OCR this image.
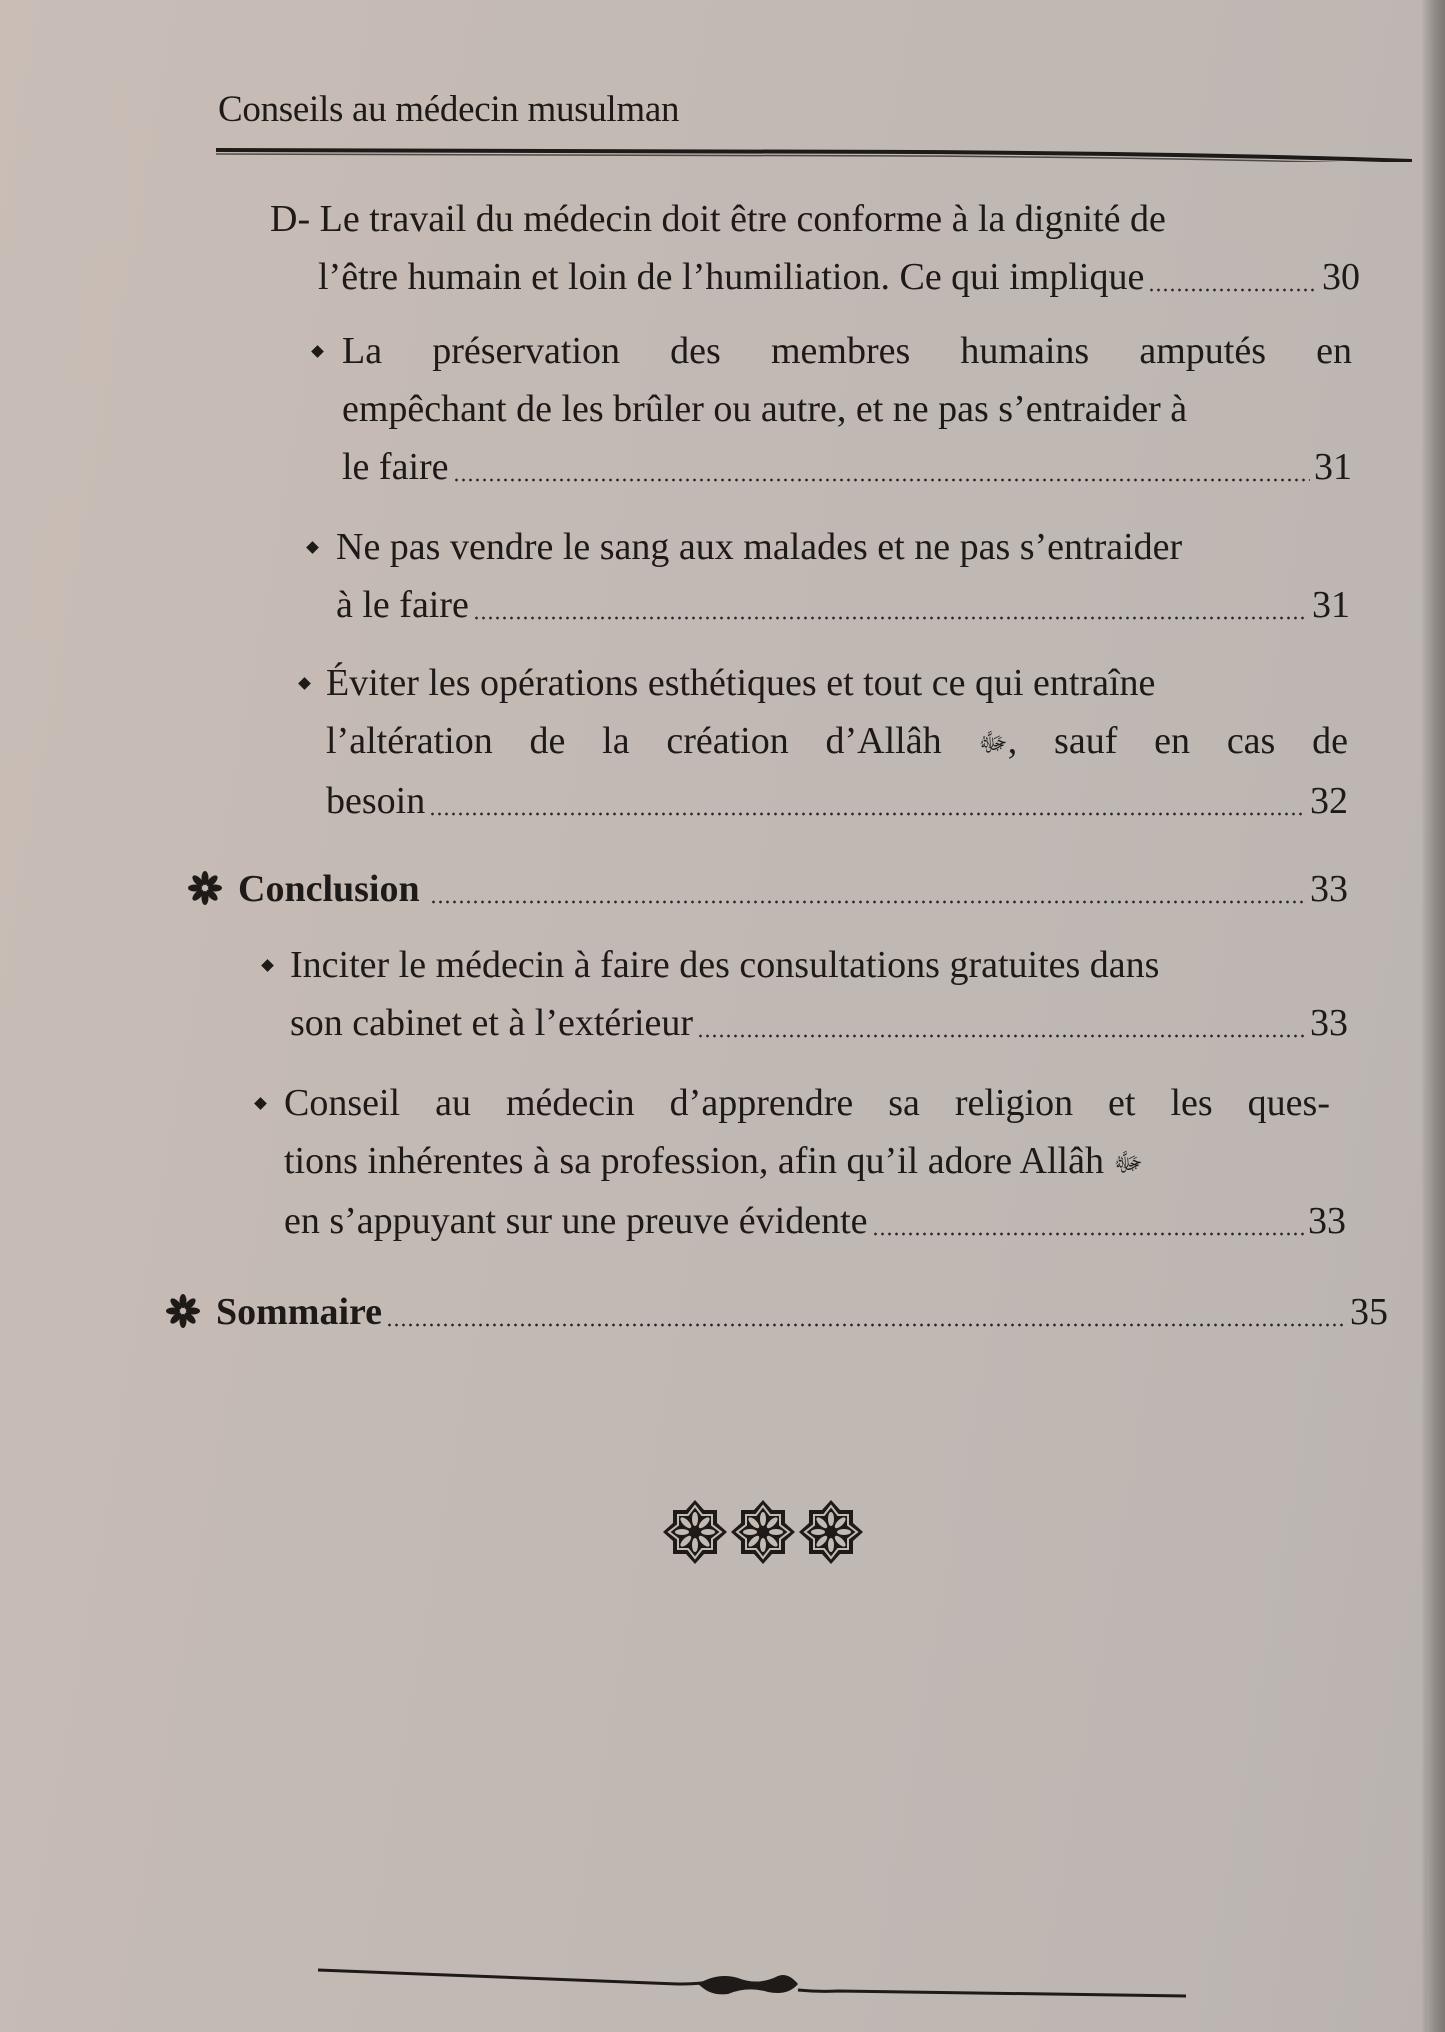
Conseils au médecin musulman
D- Le travail du médecin doit être conforme à la dignité de
l’être humain et loin de l’humiliation. Ce qui implique	30
La préservation des membres humains amputés en
empêchant de les brûler ou autre, et ne pas s’entraider à
le faire	31
Ne pas vendre le sang aux malades et ne pas s’entraider
à le faire	31
Éviter les opérations esthétiques et tout ce qui entraîne
l’altération de la création d’Allâh ﷻ, sauf en cas de
besoin	32
Conclusion	33
Inciter le médecin à faire des consultations gratuites dans
son cabinet et à l’extérieur	33
Conseil au médecin d’apprendre sa religion et les ques-
tions inhérentes à sa profession, afin qu’il adore Allâh ﷻ
en s’appuyant sur une preuve évidente	33
Sommaire	35
